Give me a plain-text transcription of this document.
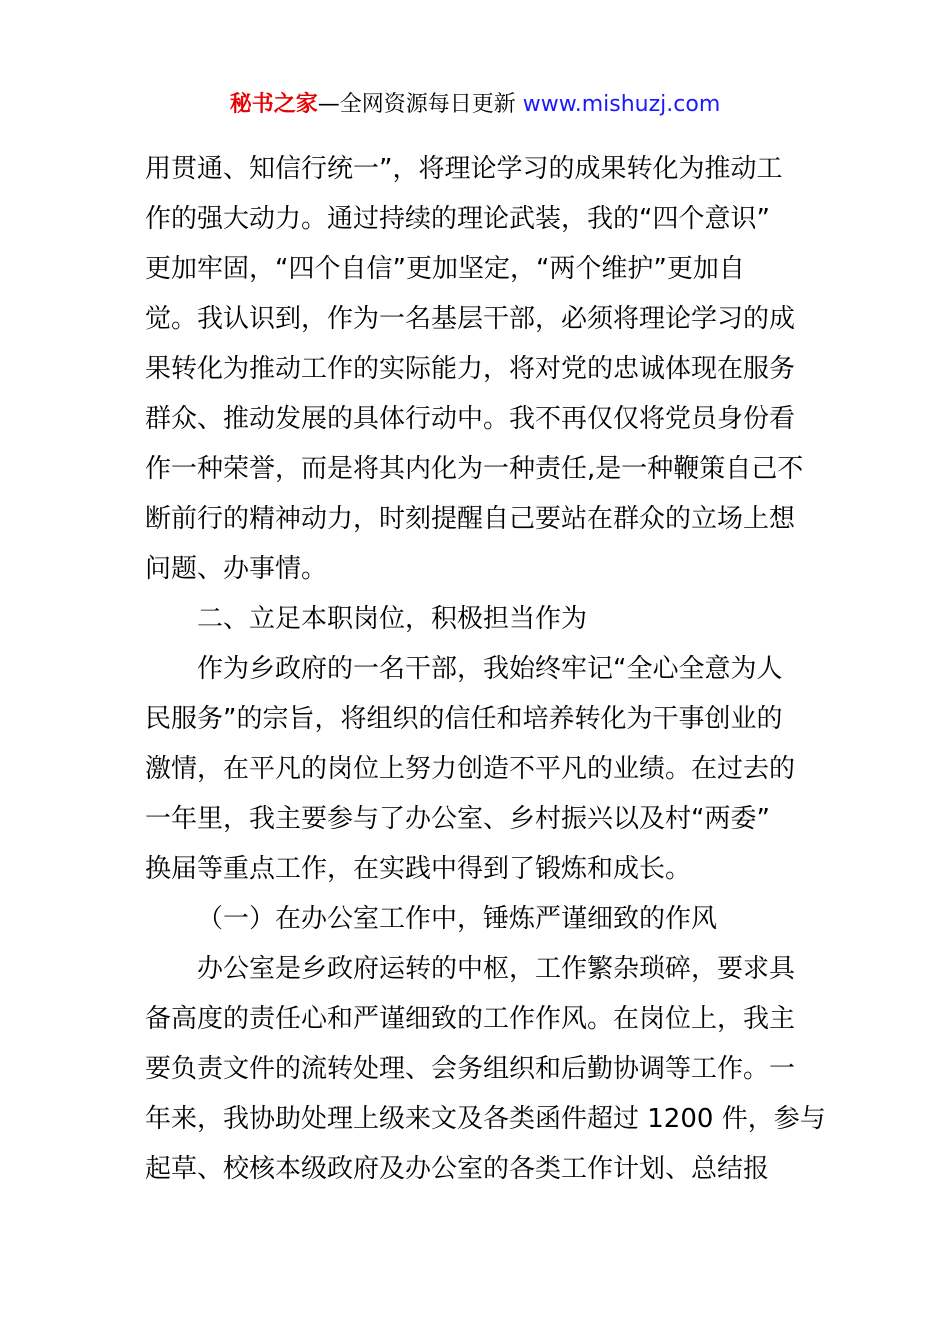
秘书之家—全网资源每日更新 www.mishuzj.com
用贯通、知信行统一”，将理论学习的成果转化为推动工
作的强大动力。通过持续的理论武装，我的“四个意识”
更加牢固，“四个自信”更加坚定，“两个维护”更加自
觉。我认识到，作为一名基层干部，必须将理论学习的成
果转化为推动工作的实际能力，将对党的忠诚体现在服务
群众、推动发展的具体行动中。我不再仅仅将党员身份看
作一种荣誉，而是将其内化为一种责任,是一种鞭策自己不
断前行的精神动力，时刻提醒自己要站在群众的立场上想
问题、办事情。
二、立足本职岗位，积极担当作为
作为乡政府的一名干部，我始终牢记“全心全意为人
民服务”的宗旨，将组织的信任和培养转化为干事创业的
激情，在平凡的岗位上努力创造不平凡的业绩。在过去的
一年里，我主要参与了办公室、乡村振兴以及村“两委”
换届等重点工作，在实践中得到了锻炼和成长。
（一）在办公室工作中，锤炼严谨细致的作风
办公室是乡政府运转的中枢，工作繁杂琐碎，要求具
备高度的责任心和严谨细致的工作作风。在岗位上，我主
要负责文件的流转处理、会务组织和后勤协调等工作。一
年来，我协助处理上级来文及各类函件超过 1200 件，参与
起草、校核本级政府及办公室的各类工作计划、总结报
